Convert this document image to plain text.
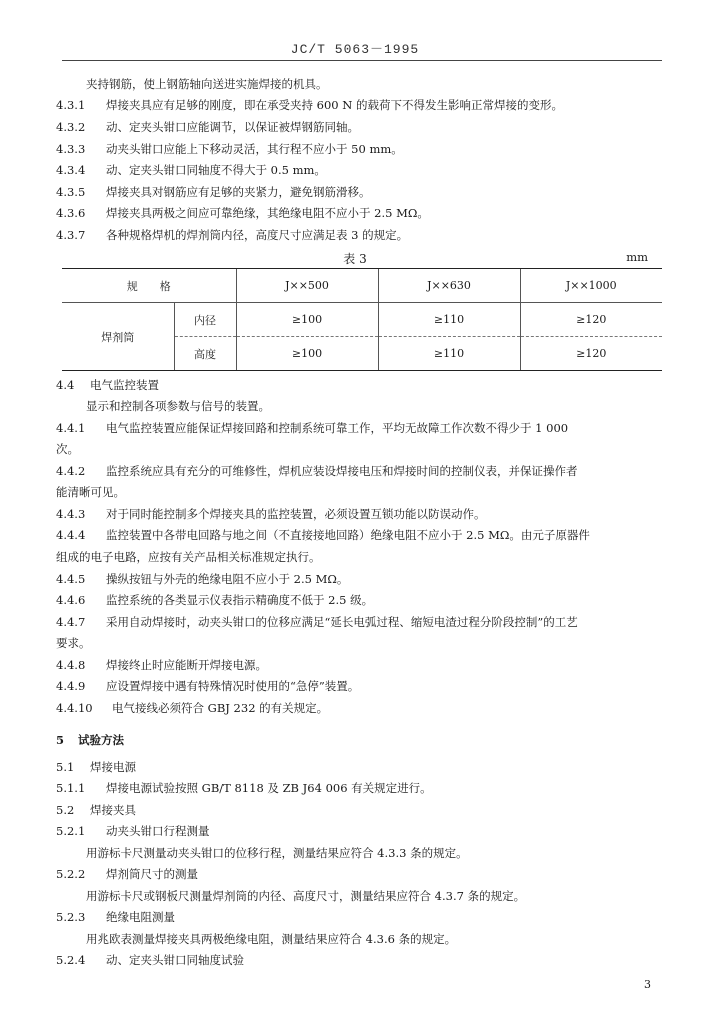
JC/T 5063－1995
夹持钢筋，使上钢筋轴向送进实施焊接的机具。
4.3.1 焊接夹具应有足够的刚度，即在承受夹持 600 N 的载荷下不得发生影响正常焊接的变形。
4.3.2 动、定夹头钳口应能调节，以保证被焊钢筋同轴。
4.3.3 动夹头钳口应能上下移动灵活，其行程不应小于 50 mm。
4.3.4 动、定夹头钳口同轴度不得大于 0.5 mm。
4.3.5 焊接夹具对钢筋应有足够的夹紧力，避免钢筋滑移。
4.3.6 焊接夹具两极之间应可靠绝缘，其绝缘电阻不应小于 2.5 MΩ。
4.3.7 各种规格焊机的焊剂筒内径，高度尺寸应满足表 3 的规定。
表 3	mm
规　　格		J××500	J××630	J××1000
焊剂筒	内径	≥100	≥110	≥120
	高度	≥100	≥110	≥120
4.4 电气监控装置
显示和控制各项参数与信号的装置。
4.4.1 电气监控装置应能保证焊接回路和控制系统可靠工作，平均无故障工作次数不得少于 1 000
次。
4.4.2 监控系统应具有充分的可维修性，焊机应装设焊接电压和焊接时间的控制仪表，并保证操作者
能清晰可见。
4.4.3 对于同时能控制多个焊接夹具的监控装置，必须设置互锁功能以防误动作。
4.4.4 监控装置中各带电回路与地之间（不直接接地回路）绝缘电阻不应小于 2.5 MΩ。由元子原器件
组成的电子电路，应按有关产品相关标准规定执行。
4.4.5 操纵按钮与外壳的绝缘电阻不应小于 2.5 MΩ。
4.4.6 监控系统的各类显示仪表指示精确度不低于 2.5 级。
4.4.7 采用自动焊接时，动夹头钳口的位移应满足“延长电弧过程、缩短电渣过程分阶段控制”的工艺
要求。
4.4.8 焊接终止时应能断开焊接电源。
4.4.9 应设置焊接中遇有特殊情况时使用的“急停”装置。
4.4.10 电气接线必须符合 GBJ 232 的有关规定。
5 试验方法
5.1 焊接电源
5.1.1 焊接电源试验按照 GB/T 8118 及 ZB J64 006 有关规定进行。
5.2 焊接夹具
5.2.1 动夹头钳口行程测量
用游标卡尺测量动夹头钳口的位移行程，测量结果应符合 4.3.3 条的规定。
5.2.2 焊剂筒尺寸的测量
用游标卡尺或钢板尺测量焊剂筒的内径、高度尺寸，测量结果应符合 4.3.7 条的规定。
5.2.3 绝缘电阻测量
用兆欧表测量焊接夹具两极绝缘电阻，测量结果应符合 4.3.6 条的规定。
5.2.4 动、定夹头钳口同轴度试验
3
